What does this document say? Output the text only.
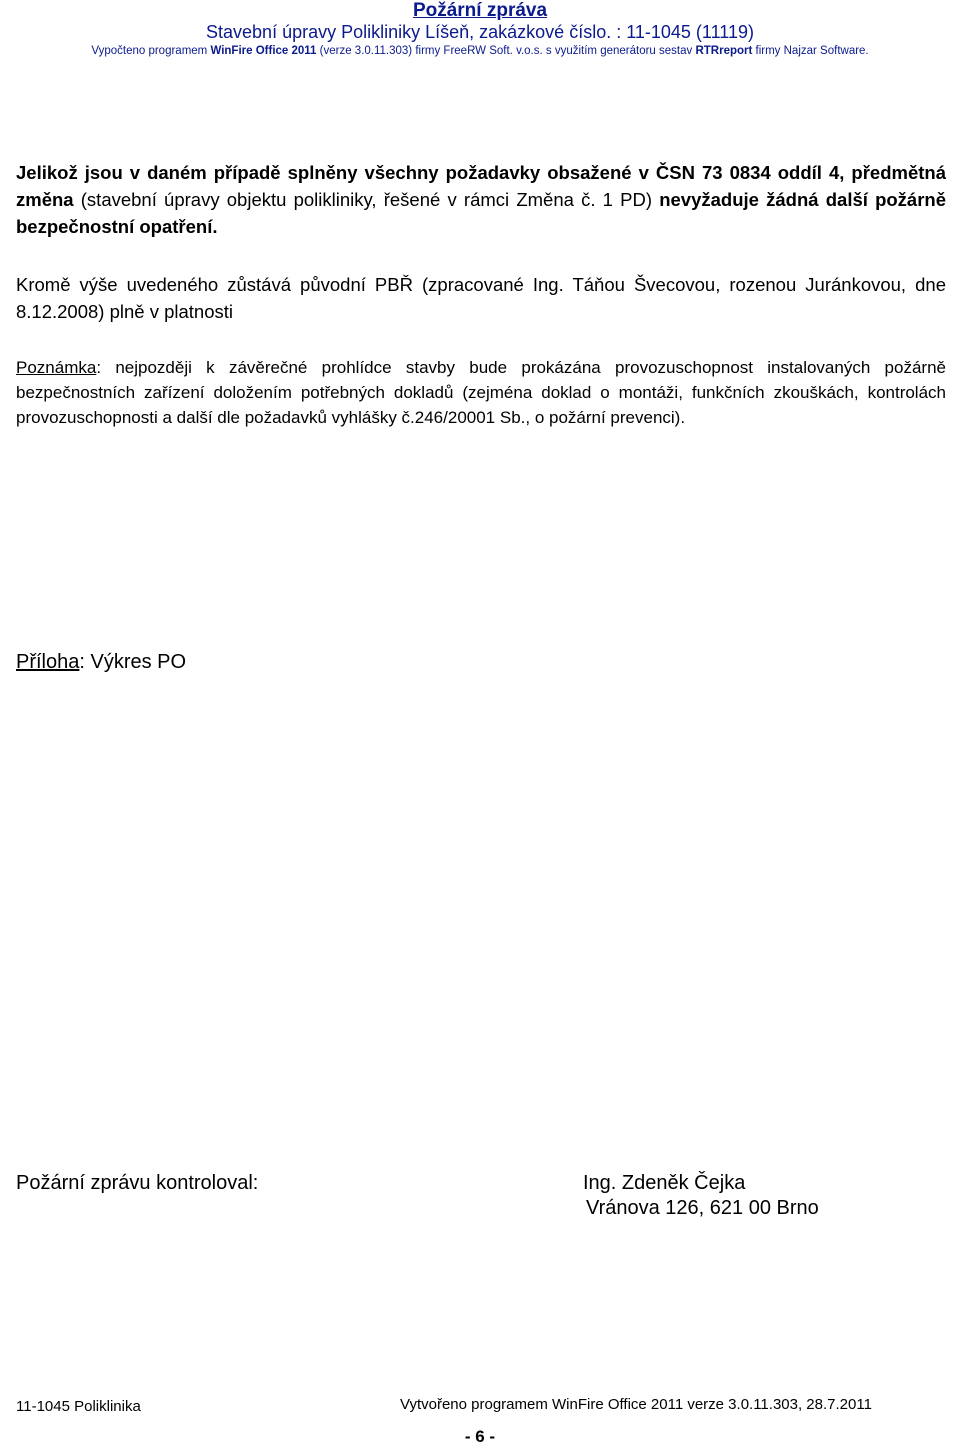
Požární zpráva
Stavební úpravy Polikliniky Líšeň, zakázkové číslo. : 11-1045 (11119)
Vypočteno programem WinFire Office 2011 (verze 3.0.11.303) firmy FreeRW Soft. v.o.s. s využitím generátoru sestav RTRreport firmy Najzar Software.
Jelikož jsou v daném případě splněny všechny požadavky obsažené v ČSN 73 0834 oddíl 4, předmětná změna (stavební úpravy objektu polikliniky, řešené v rámci Změna č. 1 PD) nevyžaduje žádná další požárně bezpečnostní opatření.
Kromě výše uvedeného zůstává původní PBŘ (zpracované Ing. Táňou Švecovou, rozenou Juránkovou, dne 8.12.2008) plně v platnosti
Poznámka: nejpozději k závěrečné prohlídce stavby bude prokázána provozuschopnost instalovaných požárně bezpečnostních zařízení doložením potřebných dokladů (zejména doklad o montáži, funkčních zkouškách, kontrolách provozuschopnosti a další dle požadavků vyhlášky č.246/20001 Sb., o požární prevenci).
Příloha: Výkres PO
Požární zprávu kontroloval:	Ing. Zdeněk Čejka
Vránova 126, 621 00 Brno
11-1045 Poliklinika	Vytvořeno programem WinFire Office 2011 verze 3.0.11.303, 28.7.2011
- 6 -
